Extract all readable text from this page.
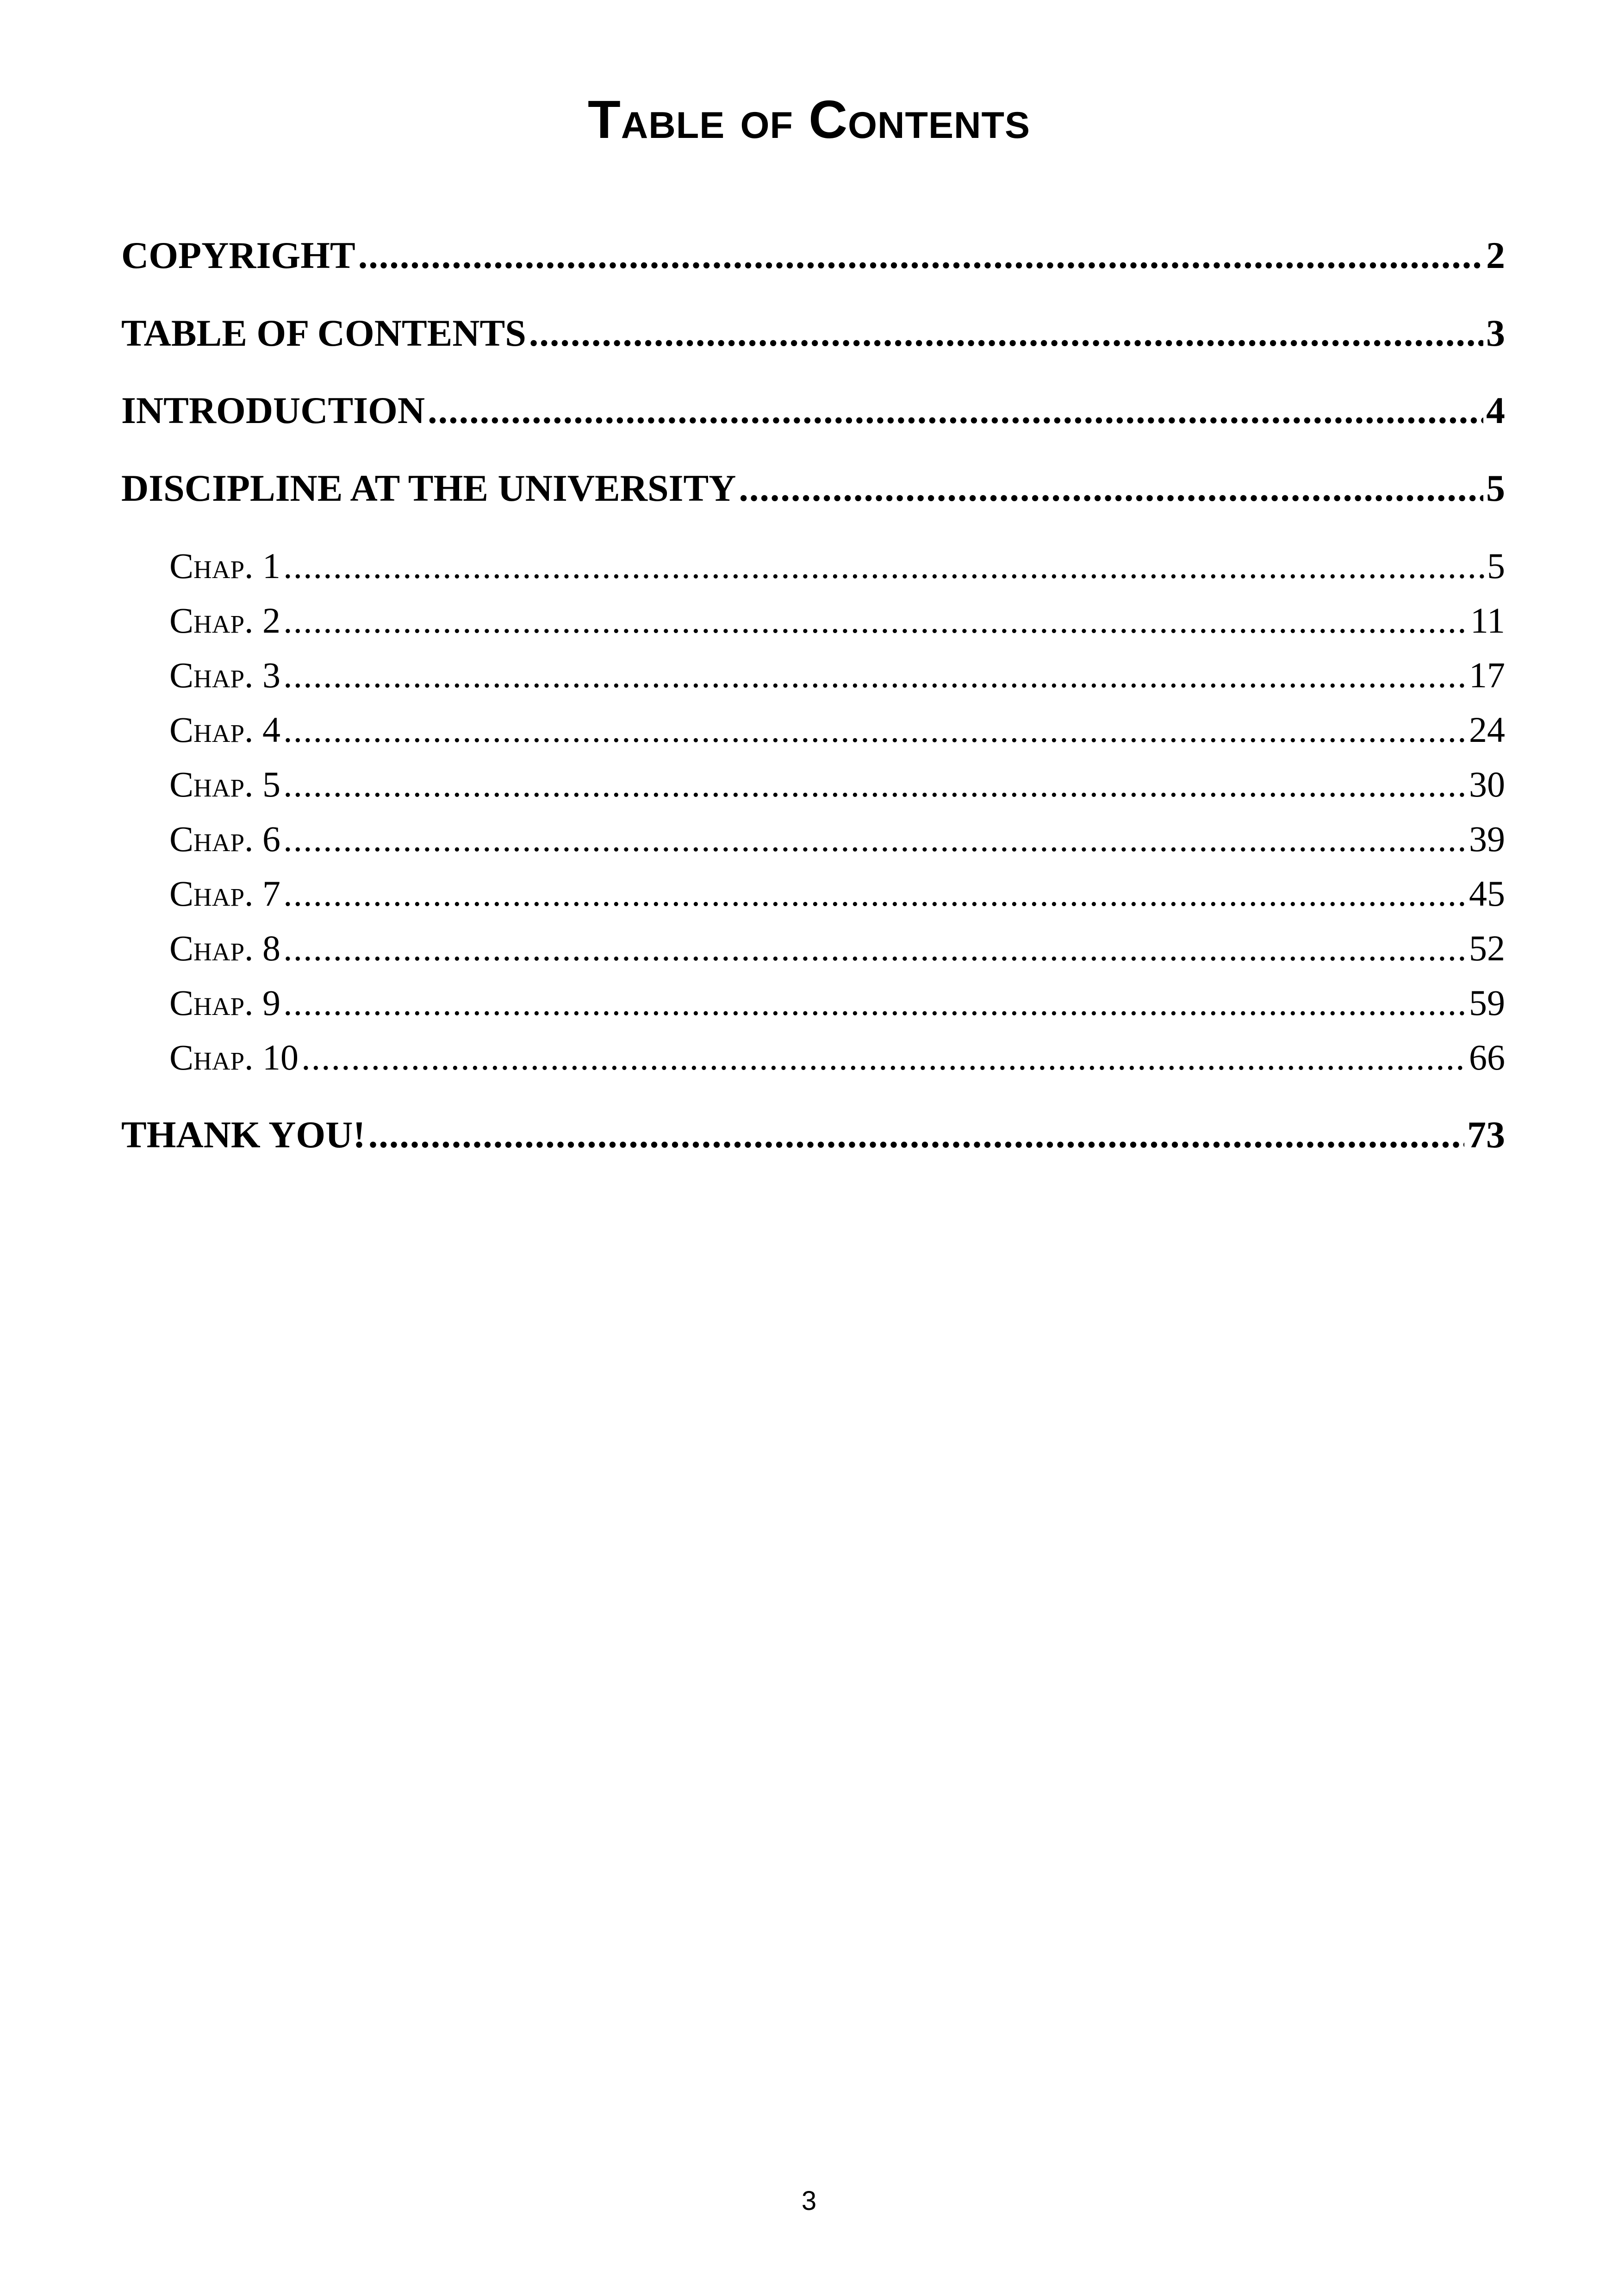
Table of Contents
COPYRIGHT .....	2
TABLE OF CONTENTS .....	3
INTRODUCTION .....	4
DISCIPLINE AT THE UNIVERSITY .....	5
Chap. 1 .....	5
Chap. 2 .....	11
Chap. 3 .....	17
Chap. 4 .....	24
Chap. 5 .....	30
Chap. 6 .....	39
Chap. 7 .....	45
Chap. 8 .....	52
Chap. 9 .....	59
Chap. 10 .....	66
THANK YOU! .....	73
3
